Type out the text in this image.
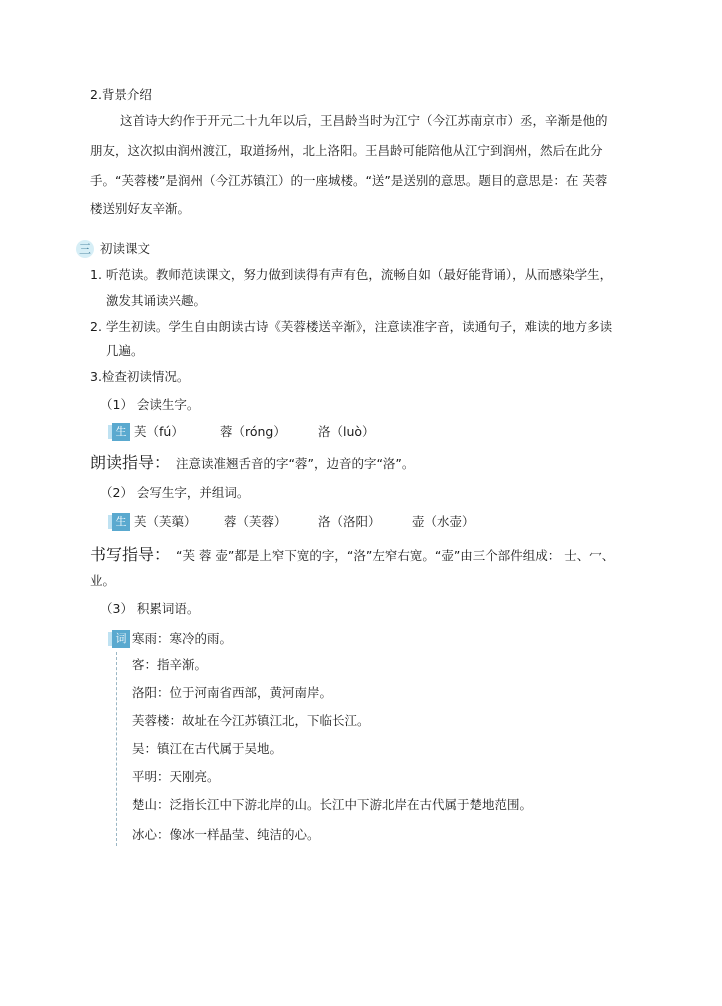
2.背景介绍
这首诗大约作于开元二十九年以后，王昌龄当时为江宁（今江苏南京市）丞，辛渐是他的
朋友，这次拟由润州渡江，取道扬州，北上洛阳。王昌龄可能陪他从江宁到润州，然后在此分
手。“芙蓉楼”是润州（今江苏镇江）的一座城楼。“送”是送别的意思。题目的意思是：在 芙蓉
楼送别好友辛渐。
三 初读课文
1. 听范读。教师范读课文，努力做到读得有声有色，流畅自如（最好能背诵），从而感染学生，
激发其诵读兴趣。
2. 学生初读。学生自由朗读古诗《芙蓉楼送辛渐》，注意读准字音，读通句子，难读的地方多读
几遍。
3.检查初读情况。
（1） 会读生字。
生字
芙（fú）	蓉（róng）	洛（luò）
朗读指导： 注意读准翘舌音的字“蓉”，边音的字“洛”。
（2） 会写生字，并组词。
生字
芙（芙蕖） 蓉（芙蓉）	洛（洛阳）	壶（水壶）
书写指导： “芙 蓉 壶”都是上窄下宽的字，“洛”左窄右宽。“壶”由三个部件组成： 士、冖、
业。
（3） 积累词语。
词语
寒雨：寒冷的雨。
客：指辛渐。
洛阳：位于河南省西部，黄河南岸。
芙蓉楼：故址在今江苏镇江北，下临长江。
吴：镇江在古代属于吴地。
平明：天刚亮。
楚山：泛指长江中下游北岸的山。长江中下游北岸在古代属于楚地范围。
冰心：像冰一样晶莹、纯洁的心。
